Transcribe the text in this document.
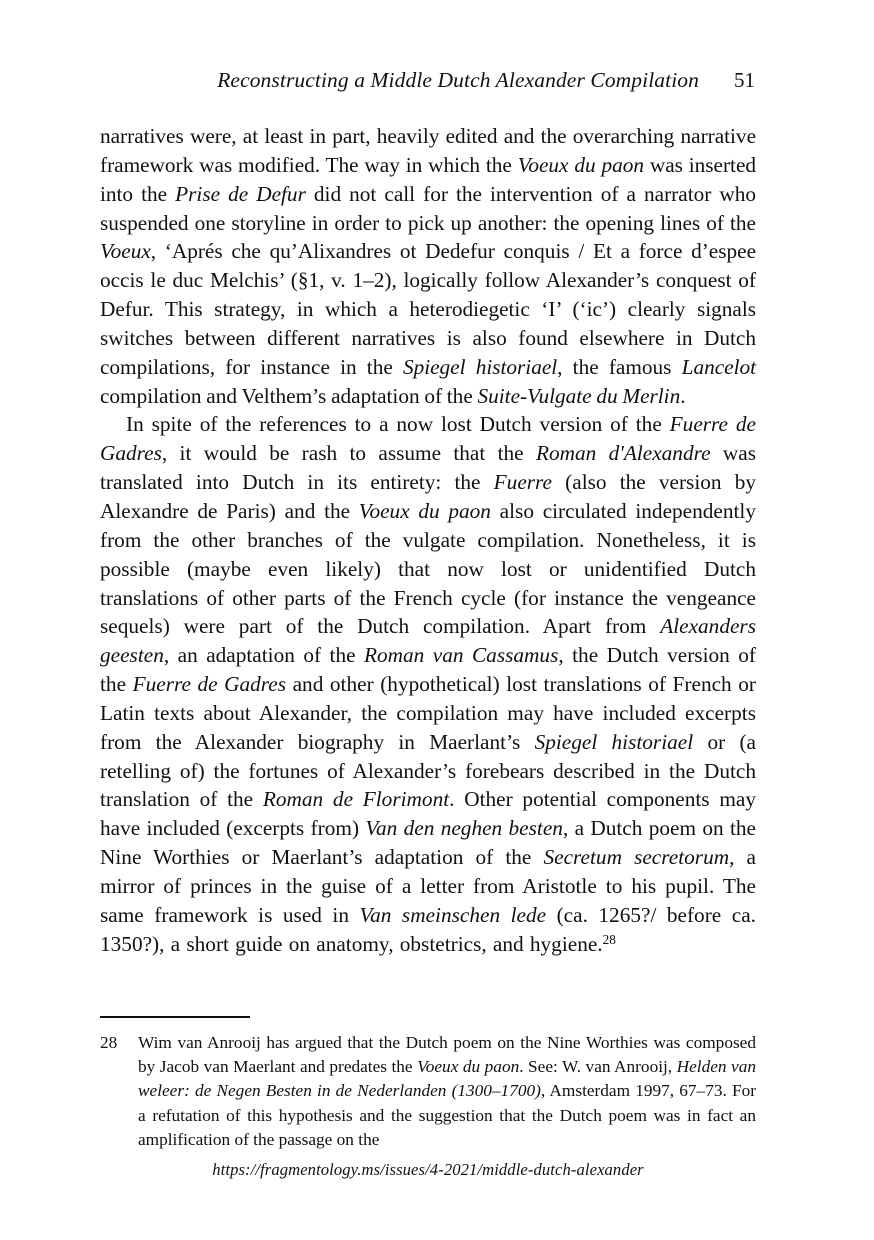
Reconstructing a Middle Dutch Alexander Compilation 51

narratives were, at least in part, heavily edited and the overarching narrative framework was modified. The way in which the Voeux du paon was inserted into the Prise de Defur did not call for the intervention of a narrator who suspended one storyline in order to pick up another: the opening lines of the Voeux, ‘Aprés che qu’Alixandres ot Dedefur conquis / Et a force d’espee occis le duc Melchis’ (§1, v. 1–2), logically follow Alexander’s conquest of Defur. This strategy, in which a heterodiegetic ‘I’ (‘ic’) clearly signals switches between different narratives is also found elsewhere in Dutch compilations, for instance in the Spiegel historiael, the famous Lancelot compilation and Velthem’s adaptation of the Suite-Vulgate du Merlin.

In spite of the references to a now lost Dutch version of the Fuerre de Gadres, it would be rash to assume that the Roman d'Alexandre was translated into Dutch in its entirety: the Fuerre (also the version by Alexandre de Paris) and the Voeux du paon also circulated independently from the other branches of the vulgate compilation. Nonetheless, it is possible (maybe even likely) that now lost or unidentified Dutch translations of other parts of the French cycle (for instance the vengeance sequels) were part of the Dutch compilation. Apart from Alexanders geesten, an adaptation of the Roman van Cassamus, the Dutch version of the Fuerre de Gadres and other (hypothetical) lost translations of French or Latin texts about Alexander, the compilation may have included excerpts from the Alexander biography in Maerlant’s Spiegel historiael or (a retelling of) the fortunes of Alexander’s forebears described in the Dutch translation of the Roman de Florimont. Other potential components may have included (excerpts from) Van den neghen besten, a Dutch poem on the Nine Worthies or Maerlant’s adaptation of the Secretum secretorum, a mirror of princes in the guise of a letter from Aristotle to his pupil. The same framework is used in Van smeinschen lede (ca. 1265?/ before ca. 1350?), a short guide on anatomy, obstetrics, and hygiene.$^{28}$

28	Wim van Anrooij has argued that the Dutch poem on the Nine Worthies was composed by Jacob van Maerlant and predates the Voeux du paon. See: W. van Anrooij, Helden van weleer: de Negen Besten in de Nederlanden (1300–1700), Amsterdam 1997, 67–73. For a refutation of this hypothesis and the suggestion that the Dutch poem was in fact an amplification of the passage on the
https://fragmentology.ms/issues/4-2021/middle-dutch-alexander
